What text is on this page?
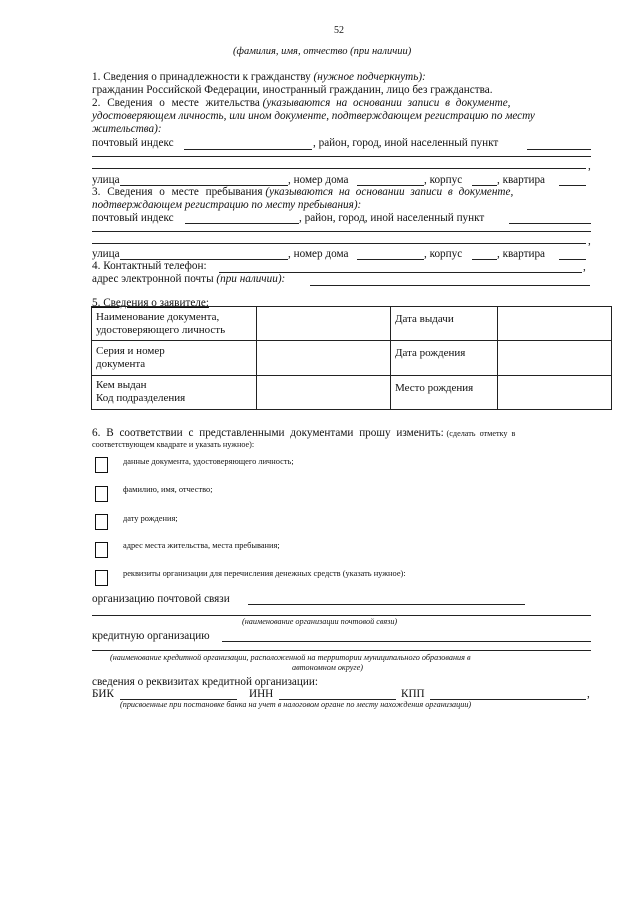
52
(фамилия, имя, отчество (при наличии)
1. Сведения о принадлежности к гражданству (нужное подчеркнуть):
гражданин Российской Федерации, иностранный гражданин, лицо без гражданства.
2. Сведения о месте жительства (указываются на основании записи в документе,
удостоверяющем личность, или ином документе, подтверждающем регистрацию по месту
жительства):
почтовый индекс	, район, город, иной населенный пункт
,
улица	, номер дома	, корпус	, квартира
3. Сведения о месте пребывания (указываются на основании записи в документе,
подтверждающем регистрацию по месту пребывания):
почтовый индекс	, район, город, иной населенный пункт
,
улица	, номер дома	, корпус	, квартира
4. Контактный телефон:	,
адрес электронной почты (при наличии):
5. Сведения о заявителе:
Наименование документа,
удостоверяющего личность		Дата выдачи	

Серия и номер
документа		Дата рождения	

Кем выдан
Код подразделения		Место рождения	
6. В соответствии с представленными документами прошу изменить: (сделать отметку в
соответствующем квадрате и указать нужное):
данные документа, удостоверяющего личность;
фамилию, имя, отчество;
дату рождения;
адрес места жительства, места пребывания;
реквизиты организации для перечисления денежных средств (указать нужное):
организацию почтовой связи
(наименование организации почтовой связи)
кредитную организацию
(наименование кредитной организации, расположенной на территории муниципального образования в
автономном округе)
сведения о реквизитах кредитной организации:
БИК	ИНН	КПП	,
(присвоенные при постановке банка на учет в налоговом органе по месту нахождения организации)
